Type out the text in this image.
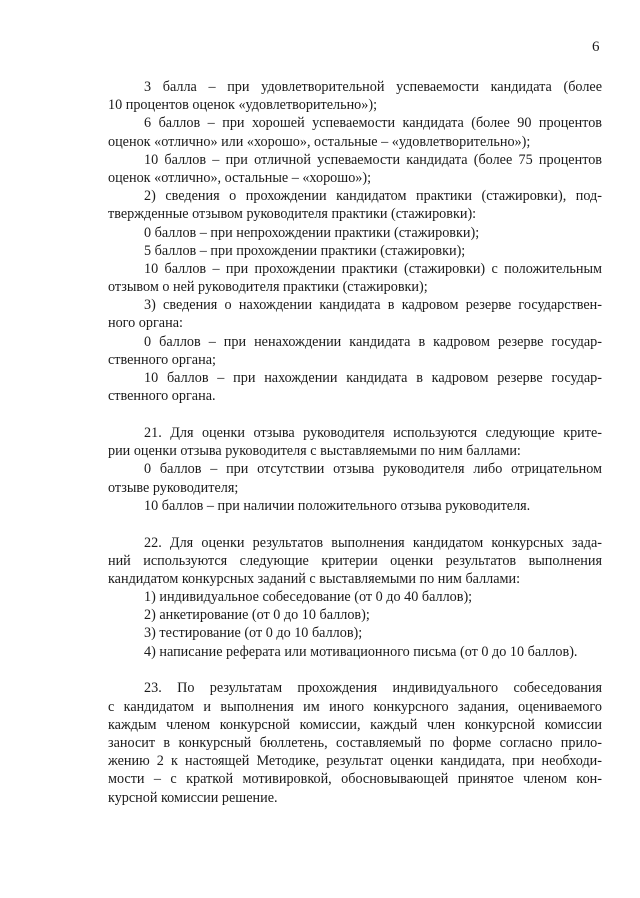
6
3 балла – при удовлетворительной успеваемости кандидата (более
10 процентов оценок «удовлетворительно»);
6 баллов – при хорошей успеваемости кандидата (более 90 процентов
оценок «отлично» или «хорошо», остальные – «удовлетворительно»);
10 баллов – при отличной успеваемости кандидата (более 75 процентов
оценок «отлично», остальные – «хорошо»);
2) сведения о прохождении кандидатом практики (стажировки), под-
твержденные отзывом руководителя практики (стажировки):
0 баллов – при непрохождении практики (стажировки);
5 баллов – при прохождении практики (стажировки);
10 баллов – при прохождении практики (стажировки) с положительным
отзывом о ней руководителя практики (стажировки);
3) сведения о нахождении кандидата в кадровом резерве государствен-
ного органа:
0 баллов – при ненахождении кандидата в кадровом резерве государ-
ственного органа;
10 баллов – при нахождении кандидата в кадровом резерве государ-
ственного органа.
21. Для оценки отзыва руководителя используются следующие крите-
рии оценки отзыва руководителя с выставляемыми по ним баллами:
0 баллов – при отсутствии отзыва руководителя либо отрицательном
отзыве руководителя;
10 баллов – при наличии положительного отзыва руководителя.
22. Для оценки результатов выполнения кандидатом конкурсных зада-
ний используются следующие критерии оценки результатов выполнения
кандидатом конкурсных заданий с выставляемыми по ним баллами:
1) индивидуальное собеседование (от 0 до 40 баллов);
2) анкетирование (от 0 до 10 баллов);
3) тестирование (от 0 до 10 баллов);
4) написание реферата или мотивационного письма (от 0 до 10 баллов).
23. По результатам прохождения индивидуального собеседования
с кандидатом и выполнения им иного конкурсного задания, оцениваемого
каждым членом конкурсной комиссии, каждый член конкурсной комиссии
заносит в конкурсный бюллетень, составляемый по форме согласно прило-
жению 2 к настоящей Методике, результат оценки кандидата, при необходи-
мости – с краткой мотивировкой, обосновывающей принятое членом кон-
курсной комиссии решение.
